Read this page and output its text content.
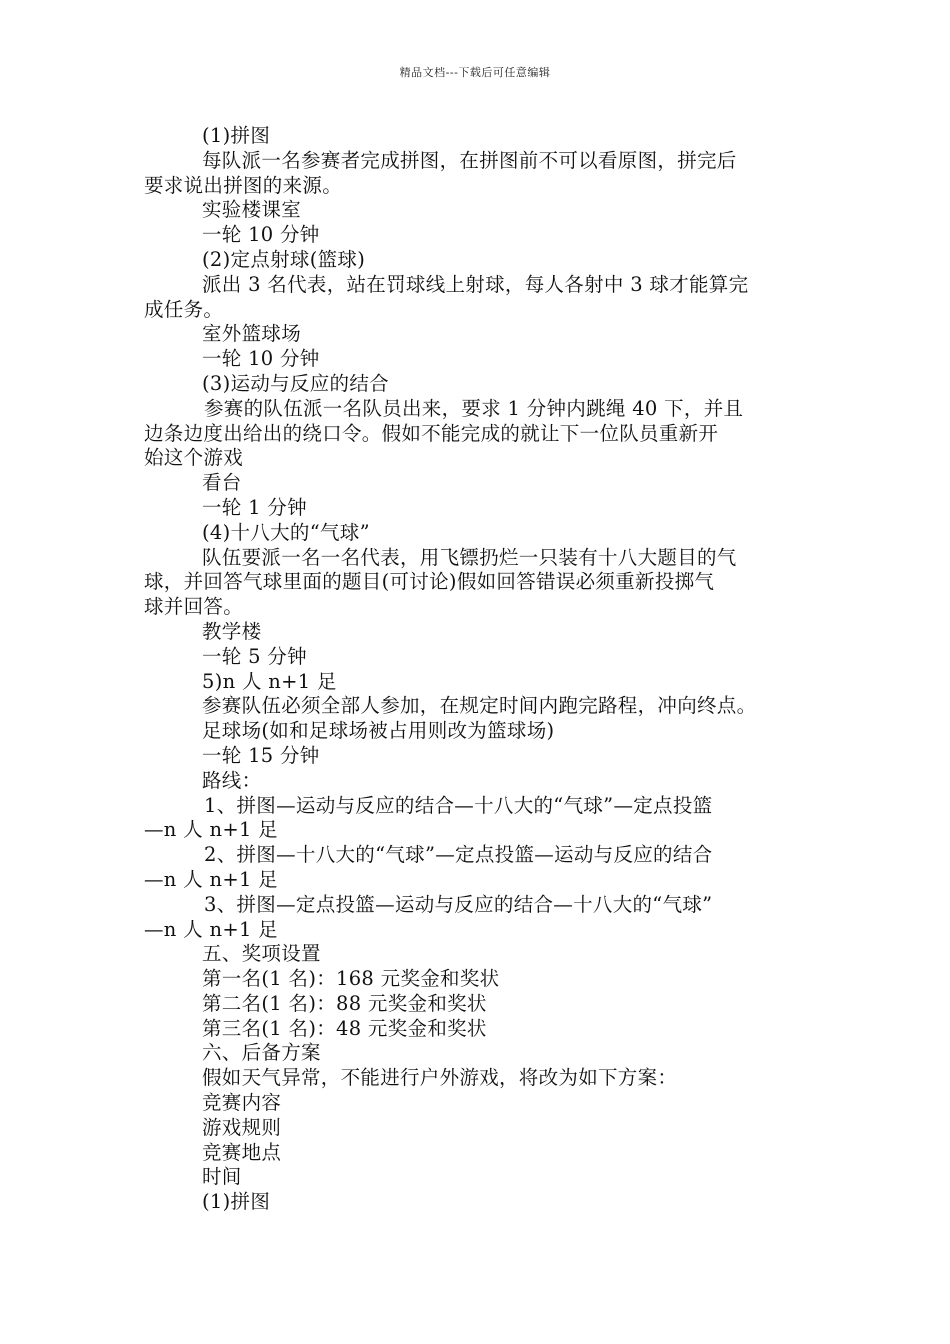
精品文档---下载后可任意编辑
(1)拼图
每队派一名参赛者完成拼图，在拼图前不可以看原图，拼完后
要求说出拼图的来源。
实验楼课室
一轮 10 分钟
(2)定点射球(篮球)
派出 3 名代表，站在罚球线上射球，每人各射中 3 球才能算完
成任务。
室外篮球场
一轮 10 分钟
(3)运动与反应的结合
参赛的队伍派一名队员出来，要求 1 分钟内跳绳 40 下，并且
边条边度出给出的绕口令。假如不能完成的就让下一位队员重新开
始这个游戏
看台
一轮 1 分钟
(4)十八大的“气球”
队伍要派一名一名代表，用飞镖扔烂一只装有十八大题目的气
球，并回答气球里面的题目(可讨论)假如回答错误必须重新投掷气
球并回答。
教学楼
一轮 5 分钟
5)n 人 n+1 足
参赛队伍必须全部人参加，在规定时间内跑完路程，冲向终点。
足球场(如和足球场被占用则改为篮球场)
一轮 15 分钟
路线：
1、拼图—运动与反应的结合—十八大的“气球”—定点投篮
—n 人 n+1 足
2、拼图—十八大的“气球”—定点投篮—运动与反应的结合
—n 人 n+1 足
3、拼图—定点投篮—运动与反应的结合—十八大的“气球”
—n 人 n+1 足
五、奖项设置
第一名(1 名)：168 元奖金和奖状
第二名(1 名)：88 元奖金和奖状
第三名(1 名)：48 元奖金和奖状
六、后备方案
假如天气异常，不能进行户外游戏，将改为如下方案：
竞赛内容
游戏规则
竞赛地点
时间
(1)拼图
